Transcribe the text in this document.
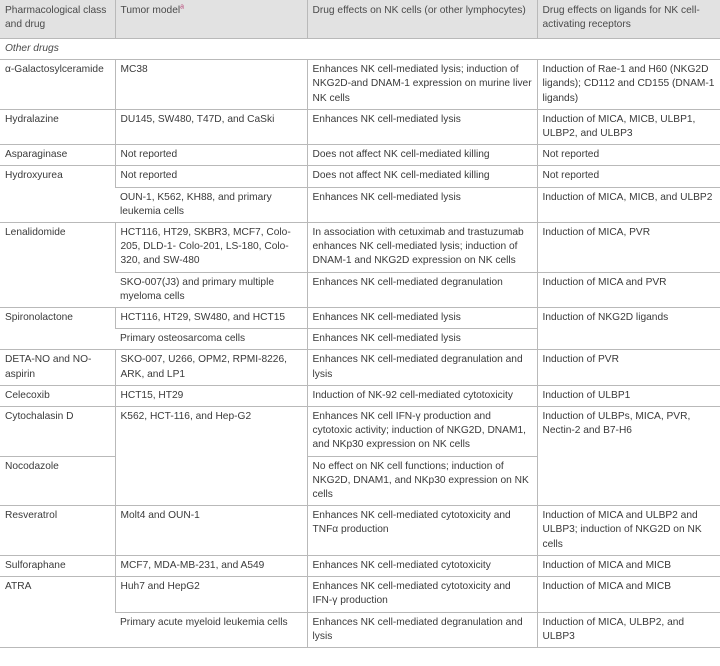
Pharmacological class and drug	Tumor model$^a$	Drug effects on NK cells (or other lymphocytes)	Drug effects on ligands for NK cell-activating receptors
Other drugs			
α-Galactosylceramide	MC38	Enhances NK cell-mediated lysis; induction of NKG2D-and DNAM-1 expression on murine liver NK cells	Induction of Rae-1 and H60 (NKG2D ligands); CD112 and CD155 (DNAM-1 ligands)
Hydralazine	DU145, SW480, T47D, and CaSki	Enhances NK cell-mediated lysis	Induction of MICA, MICB, ULBP1, ULBP2, and ULBP3
Asparaginase	Not reported	Does not affect NK cell-mediated killing	Not reported
Hydroxyurea	Not reported	Does not affect NK cell-mediated killing	Not reported
	OUN-1, K562, KH88, and primary leukemia cells	Enhances NK cell-mediated lysis	Induction of MICA, MICB, and ULBP2
Lenalidomide	HCT116, HT29, SKBR3, MCF7, Colo-205, DLD-1- Colo-201, LS-180, Colo-320, and SW-480	In association with cetuximab and trastuzumab enhances NK cell-mediated lysis; induction of DNAM-1 and NKG2D expression on NK cells	Induction of MICA, PVR
	SKO-007(J3) and primary multiple myeloma cells	Enhances NK cell-mediated degranulation	Induction of MICA and PVR
Spironolactone	HCT116, HT29, SW480, and HCT15	Enhances NK cell-mediated lysis	Induction of NKG2D ligands
	Primary osteosarcoma cells	Enhances NK cell-mediated lysis	
DETA-NO and NO-aspirin	SKO-007, U266, OPM2, RPMI-8226, ARK, and LP1	Enhances NK cell-mediated degranulation and lysis	Induction of PVR
Celecoxib	HCT15, HT29	Induction of NK-92 cell-mediated cytotoxicity	Induction of ULBP1
Cytochalasin D	K562, HCT-116, and Hep-G2	Enhances NK cell IFN-γ production and cytotoxic activity; induction of NKG2D, DNAM1, and NKp30 expression on NK cells	Induction of ULBPs, MICA, PVR, Nectin-2 and B7-H6
Nocodazole		No effect on NK cell functions; induction of NKG2D, DNAM1, and NKp30 expression on NK cells	
Resveratrol	Molt4 and OUN-1	Enhances NK cell-mediated cytotoxicity and TNFα production	Induction of MICA and ULBP2 and ULBP3; induction of NKG2D on NK cells
Sulforaphane	MCF7, MDA-MB-231, and A549	Enhances NK cell-mediated cytotoxicity	Induction of MICA and MICB
ATRA	Huh7 and HepG2	Enhances NK cell-mediated cytotoxicity and IFN-γ production	Induction of MICA and MICB
	Primary acute myeloid leukemia cells	Enhances NK cell-mediated degranulation and lysis	Induction of MICA, ULBP2, and ULBP3
